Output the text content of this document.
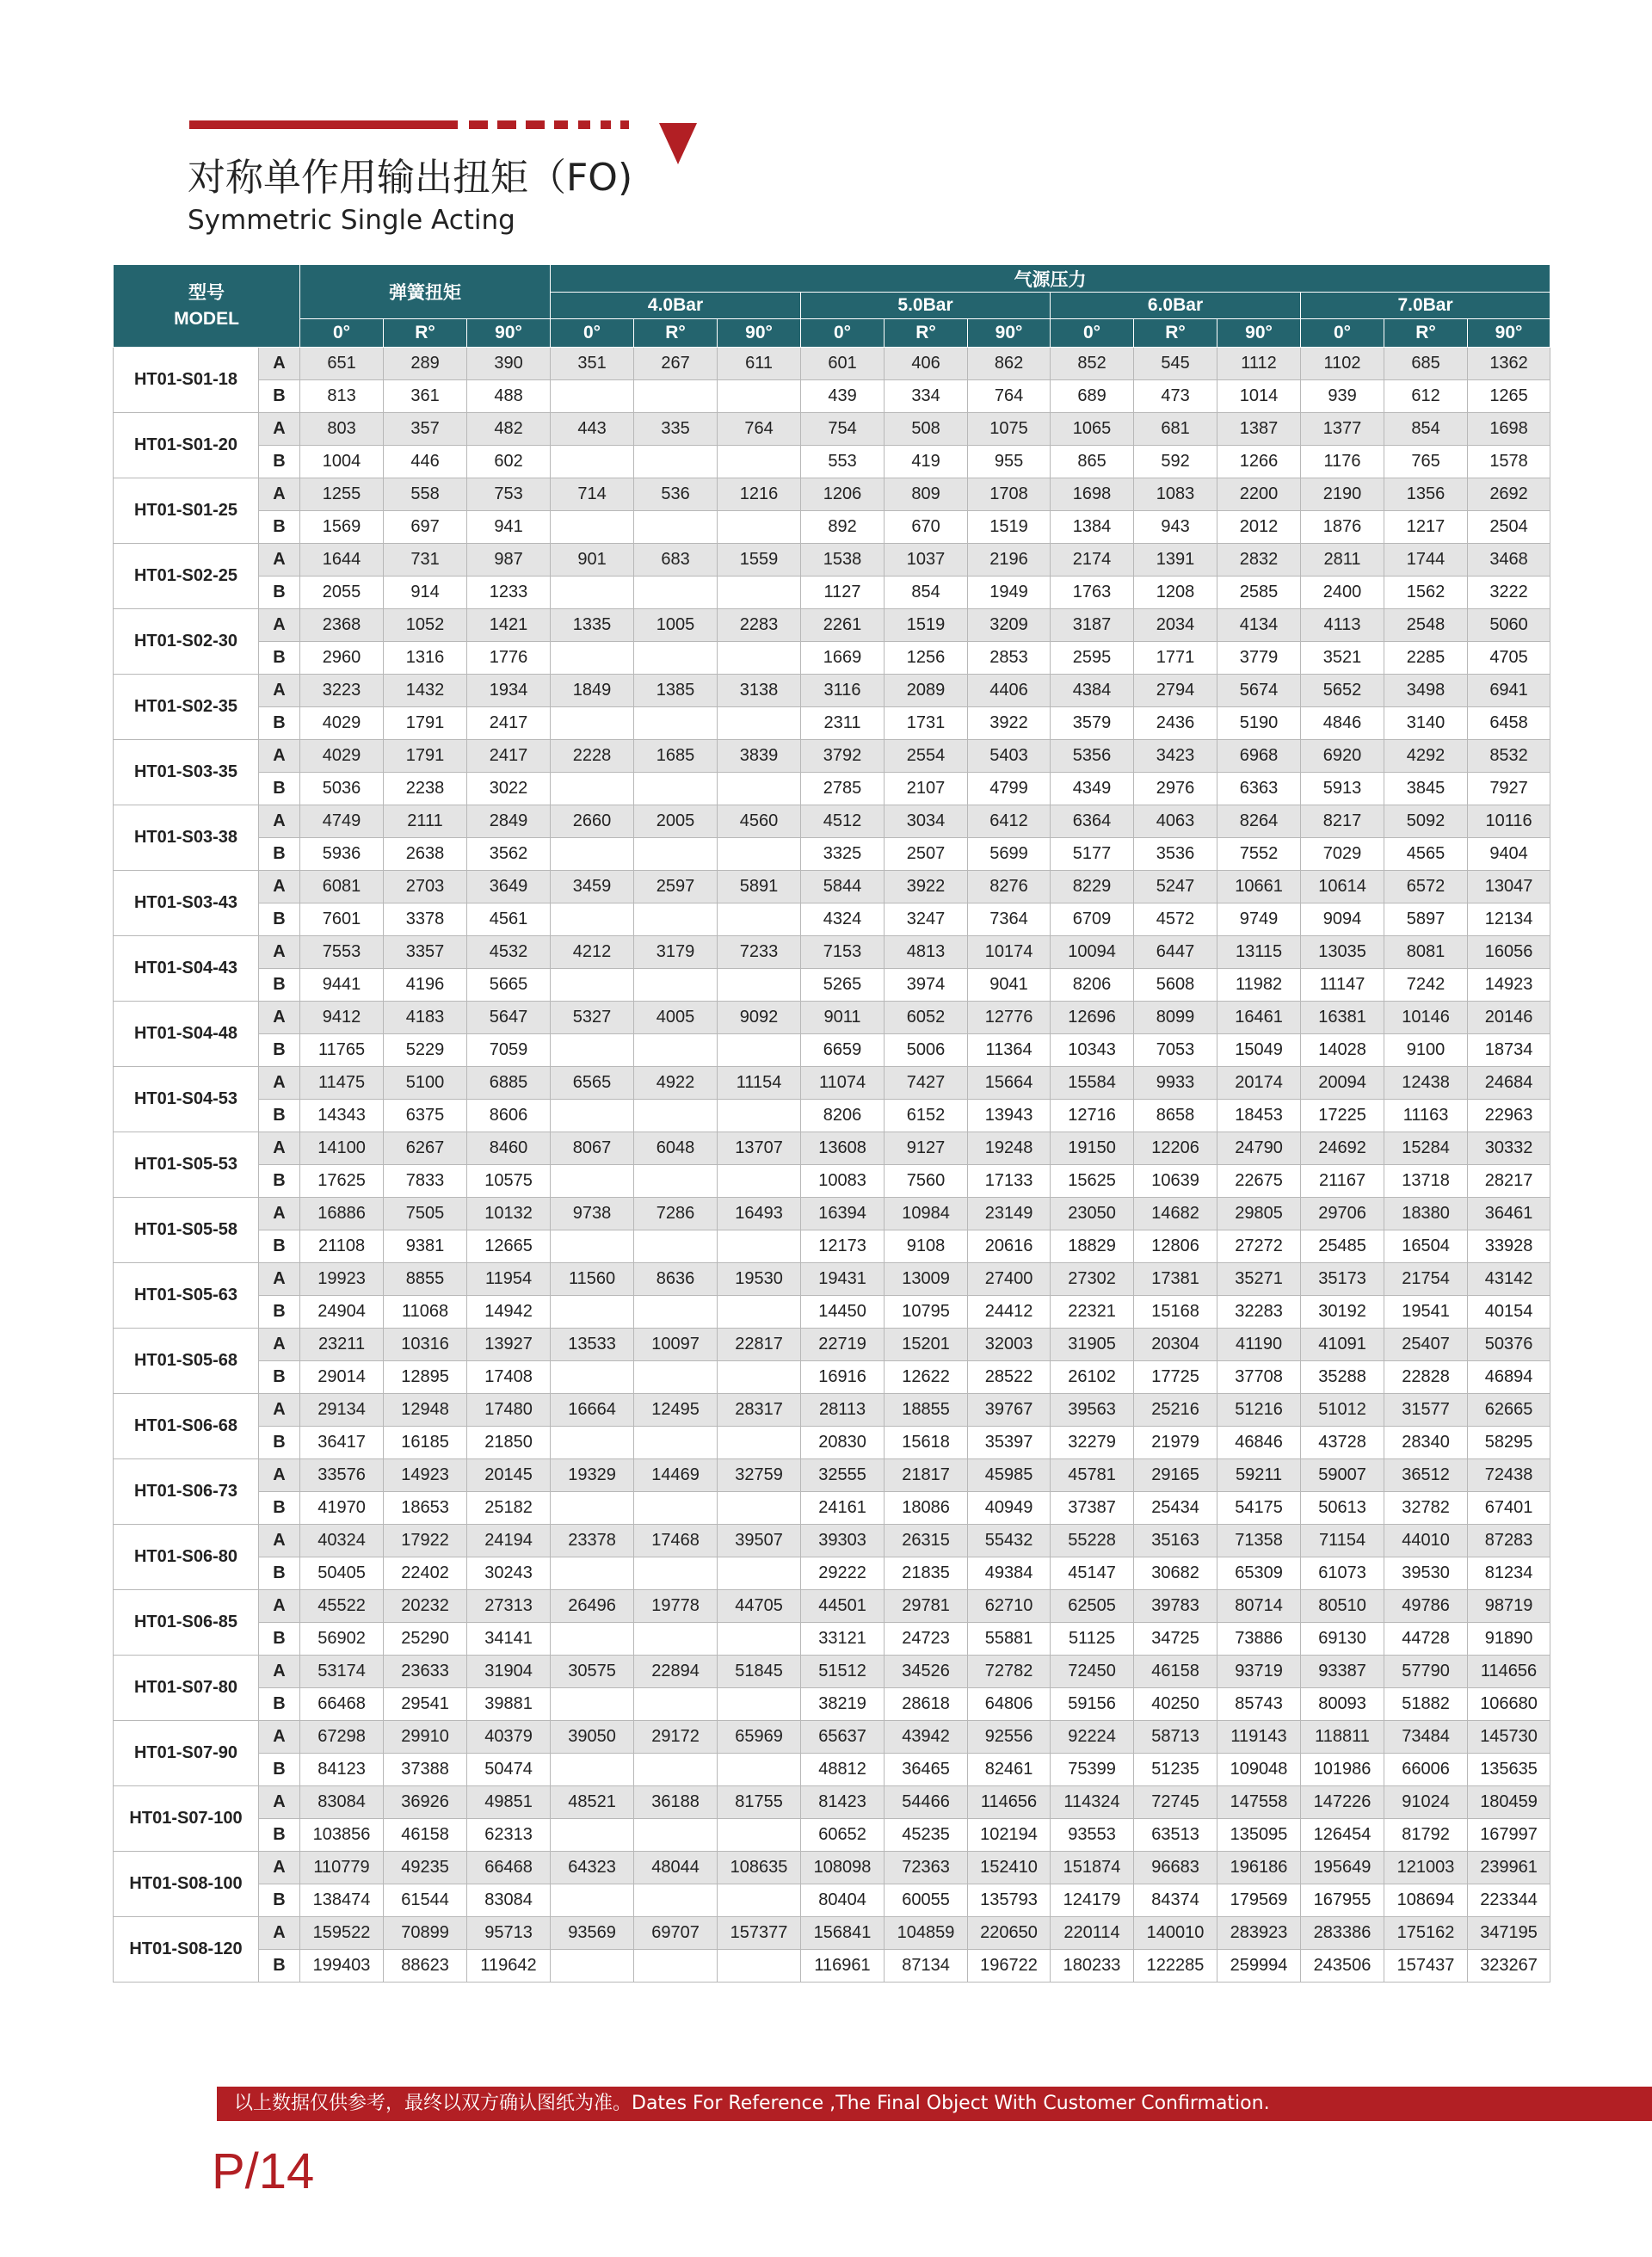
对称单作用输出扭矩（FO)
Symmetric Single Acting
型号
MODEL		弹簧扭矩			气源压力											
					4.0Bar			5.0Bar			6.0Bar			7.0Bar		
		0°	R°	90°	0°	R°	90°	0°	R°	90°	0°	R°	90°	0°	R°	90°
HT01-S01-18	A	651	289	390	351	267	611	601	406	862	852	545	1112	1102	685	1362
	B	813	361	488				439	334	764	689	473	1014	939	612	1265
HT01-S01-20	A	803	357	482	443	335	764	754	508	1075	1065	681	1387	1377	854	1698
	B	1004	446	602				553	419	955	865	592	1266	1176	765	1578
HT01-S01-25	A	1255	558	753	714	536	1216	1206	809	1708	1698	1083	2200	2190	1356	2692
	B	1569	697	941				892	670	1519	1384	943	2012	1876	1217	2504
HT01-S02-25	A	1644	731	987	901	683	1559	1538	1037	2196	2174	1391	2832	2811	1744	3468
	B	2055	914	1233				1127	854	1949	1763	1208	2585	2400	1562	3222
HT01-S02-30	A	2368	1052	1421	1335	1005	2283	2261	1519	3209	3187	2034	4134	4113	2548	5060
	B	2960	1316	1776				1669	1256	2853	2595	1771	3779	3521	2285	4705
HT01-S02-35	A	3223	1432	1934	1849	1385	3138	3116	2089	4406	4384	2794	5674	5652	3498	6941
	B	4029	1791	2417				2311	1731	3922	3579	2436	5190	4846	3140	6458
HT01-S03-35	A	4029	1791	2417	2228	1685	3839	3792	2554	5403	5356	3423	6968	6920	4292	8532
	B	5036	2238	3022				2785	2107	4799	4349	2976	6363	5913	3845	7927
HT01-S03-38	A	4749	2111	2849	2660	2005	4560	4512	3034	6412	6364	4063	8264	8217	5092	10116
	B	5936	2638	3562				3325	2507	5699	5177	3536	7552	7029	4565	9404
HT01-S03-43	A	6081	2703	3649	3459	2597	5891	5844	3922	8276	8229	5247	10661	10614	6572	13047
	B	7601	3378	4561				4324	3247	7364	6709	4572	9749	9094	5897	12134
HT01-S04-43	A	7553	3357	4532	4212	3179	7233	7153	4813	10174	10094	6447	13115	13035	8081	16056
	B	9441	4196	5665				5265	3974	9041	8206	5608	11982	11147	7242	14923
HT01-S04-48	A	9412	4183	5647	5327	4005	9092	9011	6052	12776	12696	8099	16461	16381	10146	20146
	B	11765	5229	7059				6659	5006	11364	10343	7053	15049	14028	9100	18734
HT01-S04-53	A	11475	5100	6885	6565	4922	11154	11074	7427	15664	15584	9933	20174	20094	12438	24684
	B	14343	6375	8606				8206	6152	13943	12716	8658	18453	17225	11163	22963
HT01-S05-53	A	14100	6267	8460	8067	6048	13707	13608	9127	19248	19150	12206	24790	24692	15284	30332
	B	17625	7833	10575				10083	7560	17133	15625	10639	22675	21167	13718	28217
HT01-S05-58	A	16886	7505	10132	9738	7286	16493	16394	10984	23149	23050	14682	29805	29706	18380	36461
	B	21108	9381	12665				12173	9108	20616	18829	12806	27272	25485	16504	33928
HT01-S05-63	A	19923	8855	11954	11560	8636	19530	19431	13009	27400	27302	17381	35271	35173	21754	43142
	B	24904	11068	14942				14450	10795	24412	22321	15168	32283	30192	19541	40154
HT01-S05-68	A	23211	10316	13927	13533	10097	22817	22719	15201	32003	31905	20304	41190	41091	25407	50376
	B	29014	12895	17408				16916	12622	28522	26102	17725	37708	35288	22828	46894
HT01-S06-68	A	29134	12948	17480	16664	12495	28317	28113	18855	39767	39563	25216	51216	51012	31577	62665
	B	36417	16185	21850				20830	15618	35397	32279	21979	46846	43728	28340	58295
HT01-S06-73	A	33576	14923	20145	19329	14469	32759	32555	21817	45985	45781	29165	59211	59007	36512	72438
	B	41970	18653	25182				24161	18086	40949	37387	25434	54175	50613	32782	67401
HT01-S06-80	A	40324	17922	24194	23378	17468	39507	39303	26315	55432	55228	35163	71358	71154	44010	87283
	B	50405	22402	30243				29222	21835	49384	45147	30682	65309	61073	39530	81234
HT01-S06-85	A	45522	20232	27313	26496	19778	44705	44501	29781	62710	62505	39783	80714	80510	49786	98719
	B	56902	25290	34141				33121	24723	55881	51125	34725	73886	69130	44728	91890
HT01-S07-80	A	53174	23633	31904	30575	22894	51845	51512	34526	72782	72450	46158	93719	93387	57790	114656
	B	66468	29541	39881				38219	28618	64806	59156	40250	85743	80093	51882	106680
HT01-S07-90	A	67298	29910	40379	39050	29172	65969	65637	43942	92556	92224	58713	119143	118811	73484	145730
	B	84123	37388	50474				48812	36465	82461	75399	51235	109048	101986	66006	135635
HT01-S07-100	A	83084	36926	49851	48521	36188	81755	81423	54466	114656	114324	72745	147558	147226	91024	180459
	B	103856	46158	62313				60652	45235	102194	93553	63513	135095	126454	81792	167997
HT01-S08-100	A	110779	49235	66468	64323	48044	108635	108098	72363	152410	151874	96683	196186	195649	121003	239961
	B	138474	61544	83084				80404	60055	135793	124179	84374	179569	167955	108694	223344
HT01-S08-120	A	159522	70899	95713	93569	69707	157377	156841	104859	220650	220114	140010	283923	283386	175162	347195
	B	199403	88623	119642				116961	87134	196722	180233	122285	259994	243506	157437	323267
以上数据仅供参考，最终以双方确认图纸为准。Dates For Reference ,The Final Object With Customer Confirmation.
P/14
